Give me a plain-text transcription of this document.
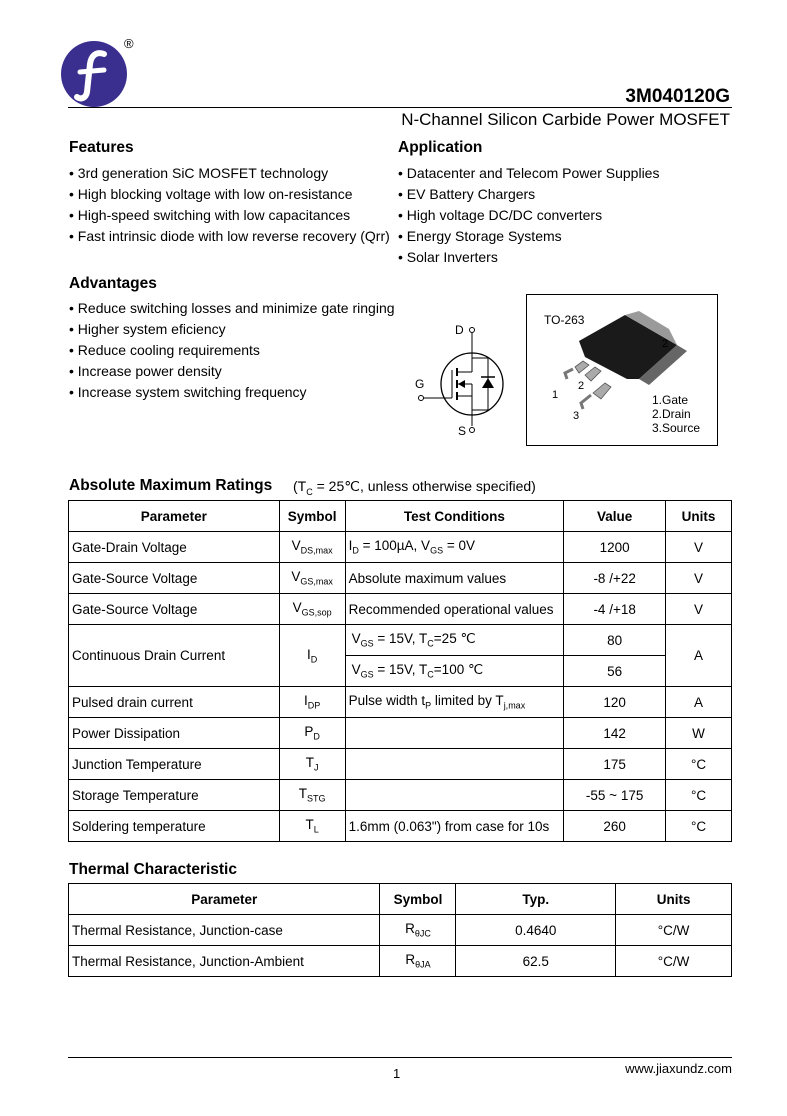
®
3M040120G
N-Channel Silicon Carbide Power MOSFET
Features
• 3rd generation SiC MOSFET technology
• High blocking voltage with low on-resistance
• High-speed switching with low capacitances
• Fast intrinsic diode with low reverse recovery (Qrr)
Application
• Datacenter and Telecom Power Supplies
• EV Battery Chargers
• High voltage DC/DC converters
• Energy Storage Systems
• Solar Inverters
Advantages
• Reduce switching losses and minimize gate ringing
• Higher system eficiency
• Reduce cooling requirements
• Increase power density
• Increase system switching frequency
D
G
S
TO-263
2
1
2
3
1.Gate
2.Drain
3.Source
Absolute Maximum Ratings ($T_C$ = 25℃, unless otherwise specified)
Parameter	Symbol	Test Conditions	Value	Units
Gate-Drain Voltage	$V_{DS,max}$	$I_D = 100\mu A$, $V_{GS} = 0V$	1200	V
Gate-Source Voltage	$V_{GS,max}$	Absolute maximum values	-8 /+22	V
Gate-Source Voltage	$V_{GS,sop}$	Recommended operational values	-4 /+18	V
Continuous Drain Current	$I_D$	$V_{GS} = 15V$, $T_C=25$ ℃	80	A
		$V_{GS} = 15V$, $T_C=100$ ℃	56	
Pulsed drain current	$I_{DP}$	Pulse width $t_P$ limited by $T_{j,max}$	120	A
Power Dissipation	$P_D$		142	W
Junction Temperature	$T_J$		175	°C
Storage Temperature	$T_{STG}$		-55 ~ 175	°C
Soldering temperature	$T_L$	1.6mm (0.063") from case for 10s	260	°C
Thermal Characteristic
Parameter	Symbol	Typ.	Units
Thermal Resistance, Junction-case	$R_{\theta JC}$	0.4640	°C/W
Thermal Resistance, Junction-Ambient	$R_{\theta JA}$	62.5	°C/W
1	www.jiaxundz.com
